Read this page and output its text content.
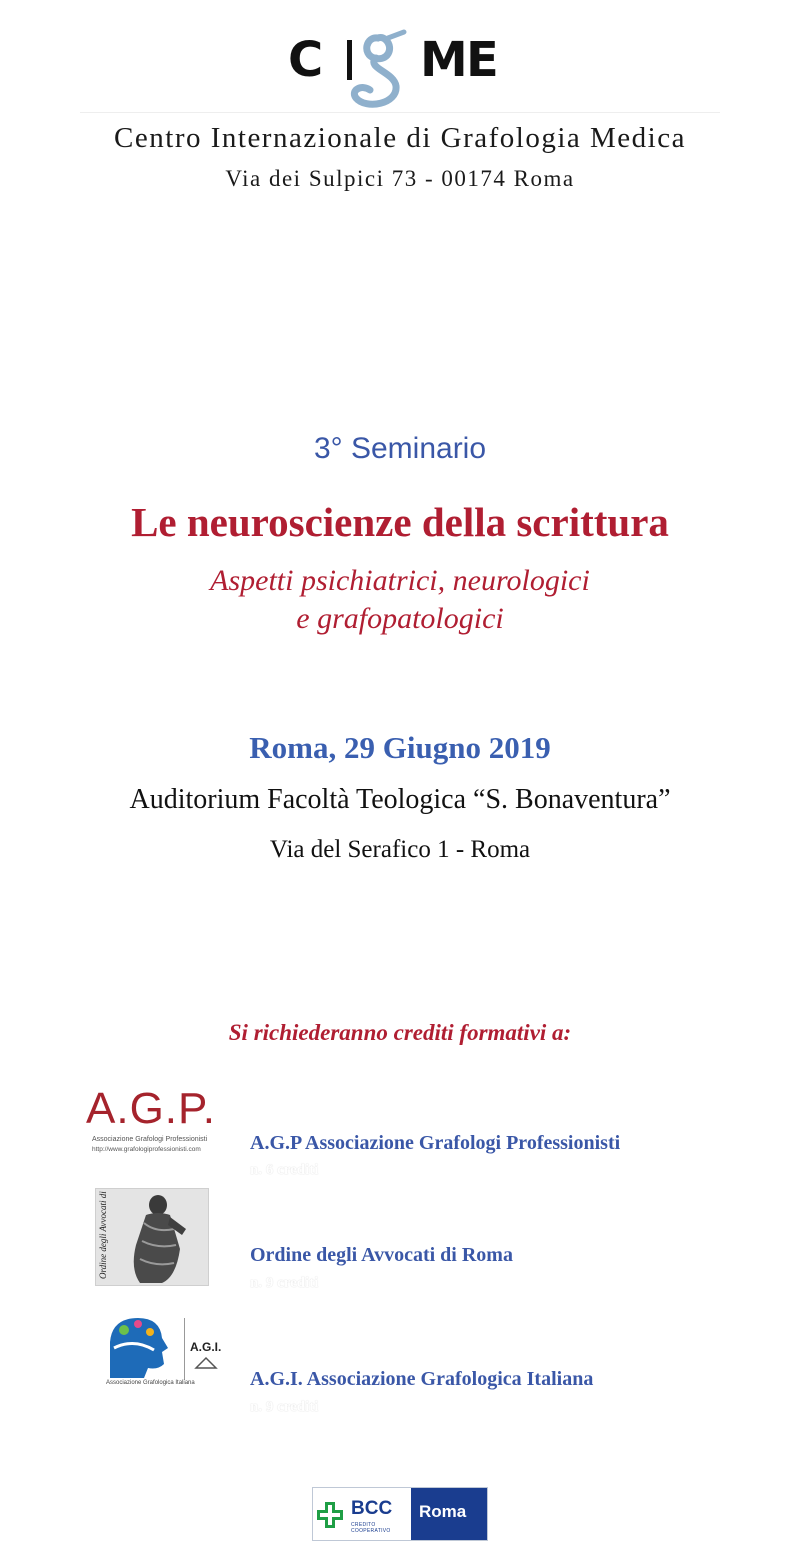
C M
E
Centro Internazionale di Grafologia Medica
Via dei Sulpici 73 - 00174 Roma
3° Seminario
Le neuroscienze della scrittura
Aspetti psichiatrici, neurologici
e grafopatologici
Roma, 29 Giugno 2019
Auditorium Facoltà Teologica “S. Bonaventura”
Via del Serafico 1 - Roma
Si richiederanno crediti formativi a:
A.G.P.
Associazione Grafologi Professionisti
http://www.grafologiprofessionisti.com A.G.P Associazione Grafologi Professionisti
n. 6 crediti
Ordine degli Avvocati di Roma	Ordine degli Avvocati di Roma
n. 9 crediti
A.G.I.
Associazione Grafologica Italiana	A.G.I. Associazione Grafologica Italiana
n. 9 crediti
BCC
CREDITO COOPERATIVO
Roma
